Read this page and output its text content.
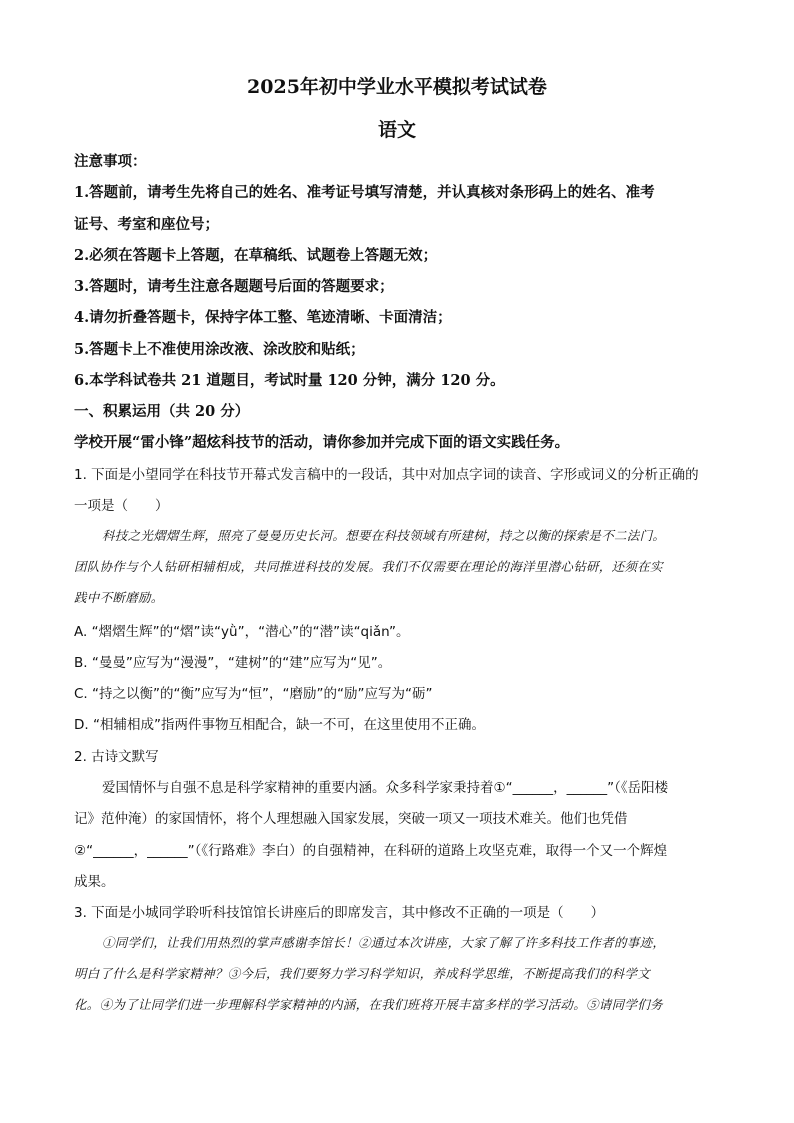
2025年初中学业水平模拟考试试卷
语文
注意事项：
1.答题前，请考生先将自己的姓名、准考证号填写清楚，并认真核对条形码上的姓名、准考
证号、考室和座位号；
2.必须在答题卡上答题，在草稿纸、试题卷上答题无效；
3.答题时，请考生注意各题题号后面的答题要求；
4.请勿折叠答题卡，保持字体工整、笔迹清晰、卡面清洁；
5.答题卡上不准使用涂改液、涂改胶和贴纸；
6.本学科试卷共 21 道题目，考试时量 120 分钟，满分 120 分。
一、积累运用（共 20 分）
学校开展“雷小锋”超炫科技节的活动，请你参加并完成下面的语文实践任务。
1. 下面是小望同学在科技节开幕式发言稿中的一段话，其中对加点字词的读音、字形或词义的分析正确的
一项是（　　）
科技之光熠熠生辉，照亮了曼曼历史长河。想要在科技领域有所建树，持之以衡的探索是不二法门。
团队协作与个人钻研相辅相成，共同推进科技的发展。我们不仅需要在理论的海洋里潜心钻研，还须在实
践中不断磨励。
A. “熠熠生辉”的“熠”读“yǜ”，“潜心”的“潜”读“qiǎn”。
B. “曼曼”应写为“漫漫”，“建树”的“建”应写为“见”。
C. “持之以衡”的“衡”应写为“恒”，“磨励”的“励”应写为“砺”
D. “相辅相成”指两件事物互相配合，缺一不可，在这里使用不正确。
2. 古诗文默写
爱国情怀与自强不息是科学家精神的重要内涵。众多科学家秉持着①“______，______”（《岳阳楼
记》范仲淹）的家国情怀，将个人理想融入国家发展，突破一项又一项技术难关。他们也凭借
②“______，______”（《行路难》李白）的自强精神，在科研的道路上攻坚克难，取得一个又一个辉煌
成果。
3. 下面是小城同学聆听科技馆馆长讲座后的即席发言，其中修改不正确的一项是（　　）
①同学们，让我们用热烈的掌声感谢李馆长！②通过本次讲座，大家了解了许多科技工作者的事迹，
明白了什么是科学家精神？③今后，我们要努力学习科学知识，养成科学思维，不断提高我们的科学文
化。④为了让同学们进一步理解科学家精神的内涵，在我们班将开展丰富多样的学习活动。⑤请同学们务
